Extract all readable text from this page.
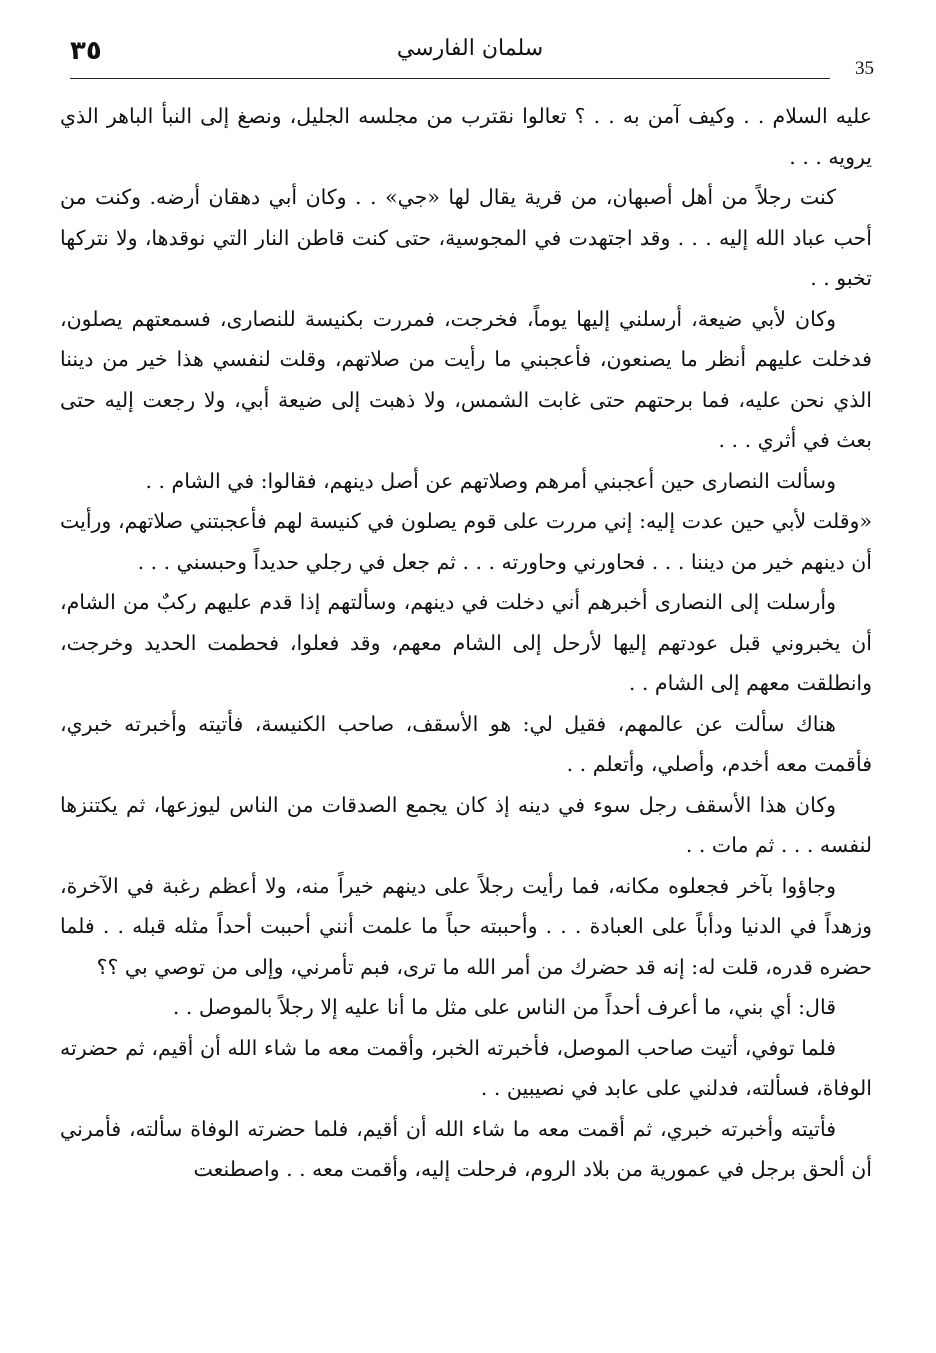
٣٥	سلمان الفارسي
35

عليه السلام . . وكيف آمن به . . ؟ تعالوا نقترب من مجلسه الجليل، ونصغ إلى النبأ الباهر الذي يرويه . . .

كنت رجلاً من أهل أصبهان، من قرية يقال لها «جي» . . وكان أبي دهقان أرضه. وكنت من أحب عباد الله إليه . . . وقد اجتهدت في المجوسية، حتى كنت قاطن النار التي نوقدها، ولا نتركها تخبو . .

وكان لأبي ضيعة، أرسلني إليها يوماً، فخرجت، فمررت بكنيسة للنصارى، فسمعتهم يصلون، فدخلت عليهم أنظر ما يصنعون، فأعجبني ما رأيت من صلاتهم، وقلت لنفسي هذا خير من ديننا الذي نحن عليه، فما برحتهم حتى غابت الشمس، ولا ذهبت إلى ضيعة أبي، ولا رجعت إليه حتى بعث في أثري . . .

وسألت النصارى حين أعجبني أمرهم وصلاتهم عن أصل دينهم، فقالوا: في الشام . .

«وقلت لأبي حين عدت إليه: إني مررت على قوم يصلون في كنيسة لهم فأعجبتني صلاتهم، ورأيت أن دينهم خير من ديننا . . . فحاورني وحاورته . . . ثم جعل في رجلي حديداً وحبسني . . .

وأرسلت إلى النصارى أخبرهم أني دخلت في دينهم، وسألتهم إذا قدم عليهم ركبٌ من الشام، أن يخبروني قبل عودتهم إليها لأرحل إلى الشام معهم، وقد فعلوا، فحطمت الحديد وخرجت، وانطلقت معهم إلى الشام . .

هناك سألت عن عالمهم، فقيل لي: هو الأسقف، صاحب الكنيسة، فأتيته وأخبرته خبري، فأقمت معه أخدم، وأصلي، وأتعلم . .

وكان هذا الأسقف رجل سوء في دينه إذ كان يجمع الصدقات من الناس ليوزعها، ثم يكتنزها لنفسه . . . ثم مات . .

وجاؤوا بآخر فجعلوه مكانه، فما رأيت رجلاً على دينهم خيراً منه، ولا أعظم رغبة في الآخرة، وزهداً في الدنيا ودأباً على العبادة . . . وأحببته حباً ما علمت أنني أحببت أحداً مثله قبله . . فلما حضره قدره، قلت له: إنه قد حضرك من أمر الله ما ترى، فبم تأمرني، وإلى من توصي بي ؟؟

قال: أي بني، ما أعرف أحداً من الناس على مثل ما أنا عليه إلا رجلاً بالموصل . .

فلما توفي، أتيت صاحب الموصل، فأخبرته الخبر، وأقمت معه ما شاء الله أن أقيم، ثم حضرته الوفاة، فسألته، فدلني على عابد في نصيبين . .

فأتيته وأخبرته خبري، ثم أقمت معه ما شاء الله أن أقيم، فلما حضرته الوفاة سألته، فأمرني أن ألحق برجل في عمورية من بلاد الروم، فرحلت إليه، وأقمت معه . . واصطنعت
